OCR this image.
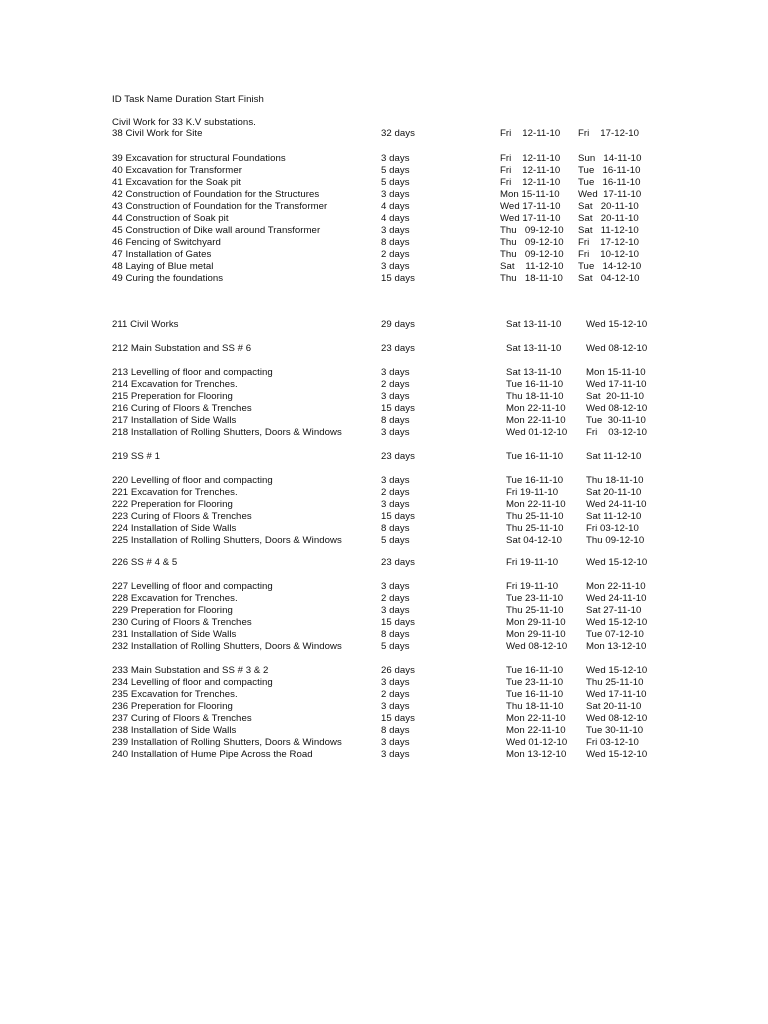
ID Task Name Duration Start Finish
Civil Work for 33 K.V substations.
38 Civil Work for Site	32 days	Fri    12-11-10 Fri    17-12-10
39 Excavation for structural Foundations	3 days	Fri    12-11-10 Sun   14-11-10
40 Excavation for Transformer	5 days	Fri    12-11-10 Tue   16-11-10
41 Excavation for the Soak pit	5 days	Fri    12-11-10 Tue   16-11-10
42 Construction of Foundation for the Structures	3 days	Mon 15-11-10 Wed  17-11-10
43 Construction of Foundation for the Transformer	4 days	Wed 17-11-10 Sat   20-11-10
44 Construction of Soak pit	4 days	Wed 17-11-10 Sat   20-11-10
45 Construction of Dike wall around Transformer	3 days	Thu   09-12-10 Sat   11-12-10
46 Fencing of Switchyard	8 days	Thu   09-12-10 Fri    17-12-10
47 Installation of Gates	2 days	Thu   09-12-10 Fri    10-12-10
48 Laying of Blue metal	3 days	Sat    11-12-10 Tue   14-12-10
49 Curing the foundations	15 days	Thu   18-11-10 Sat   04-12-10
211 Civil Works	29 days	Sat 13-11-10	Wed 15-12-10
212 Main Substation and SS # 6	23 days	Sat 13-11-10	Wed 08-12-10
213 Levelling of floor and compacting	3 days	Sat 13-11-10	Mon 15-11-10
214 Excavation for Trenches.	2 days	Tue 16-11-10 Wed 17-11-10
215 Preperation for Flooring	3 days	Thu 18-11-10 Sat  20-11-10
216 Curing of Floors & Trenches	15 days	Mon 22-11-10 Wed 08-12-10
217 Installation of Side Walls	8 days	Mon 22-11-10 Tue  30-11-10
218 Installation of Rolling Shutters, Doors & Windows	3 days	Wed 01-12-10 Fri    03-12-10
219 SS # 1	23 days	Tue 16-11-10 Sat 11-12-10
220 Levelling of floor and compacting	3 days	Tue 16-11-10 Thu 18-11-10
221 Excavation for Trenches.	2 days	Fri 19-11-10	Sat 20-11-10
222 Preperation for Flooring	3 days	Mon 22-11-10 Wed 24-11-10
223 Curing of Floors & Trenches	15 days	Thu 25-11-10 Sat 11-12-10
224 Installation of Side Walls	8 days	Thu 25-11-10 Fri 03-12-10
225 Installation of Rolling Shutters, Doors & Windows	5 days	Sat 04-12-10 Thu 09-12-10
226 SS # 4 & 5	23 days	Fri 19-11-10	Wed 15-12-10
227 Levelling of floor and compacting	3 days	Fri 19-11-10	Mon 22-11-10
228 Excavation for Trenches.	2 days	Tue 23-11-10 Wed 24-11-10
229 Preperation for Flooring	3 days	Thu 25-11-10 Sat 27-11-10
230 Curing of Floors & Trenches	15 days	Mon 29-11-10 Wed 15-12-10
231 Installation of Side Walls	8 days	Mon 29-11-10 Tue 07-12-10
232 Installation of Rolling Shutters, Doors & Windows	5 days	Wed 08-12-10 Mon 13-12-10
233 Main Substation and SS # 3 & 2	26 days	Tue 16-11-10 Wed 15-12-10
234 Levelling of floor and compacting	3 days	Tue 23-11-10 Thu 25-11-10
235 Excavation for Trenches.	2 days	Tue 16-11-10 Wed 17-11-10
236 Preperation for Flooring	3 days	Thu 18-11-10 Sat 20-11-10
237 Curing of Floors & Trenches	15 days	Mon 22-11-10 Wed 08-12-10
238 Installation of Side Walls	8 days	Mon 22-11-10 Tue 30-11-10
239 Installation of Rolling Shutters, Doors & Windows	3 days	Wed 01-12-10 Fri 03-12-10
240 Installation of Hume Pipe Across the Road	3 days	Mon 13-12-10 Wed 15-12-10
